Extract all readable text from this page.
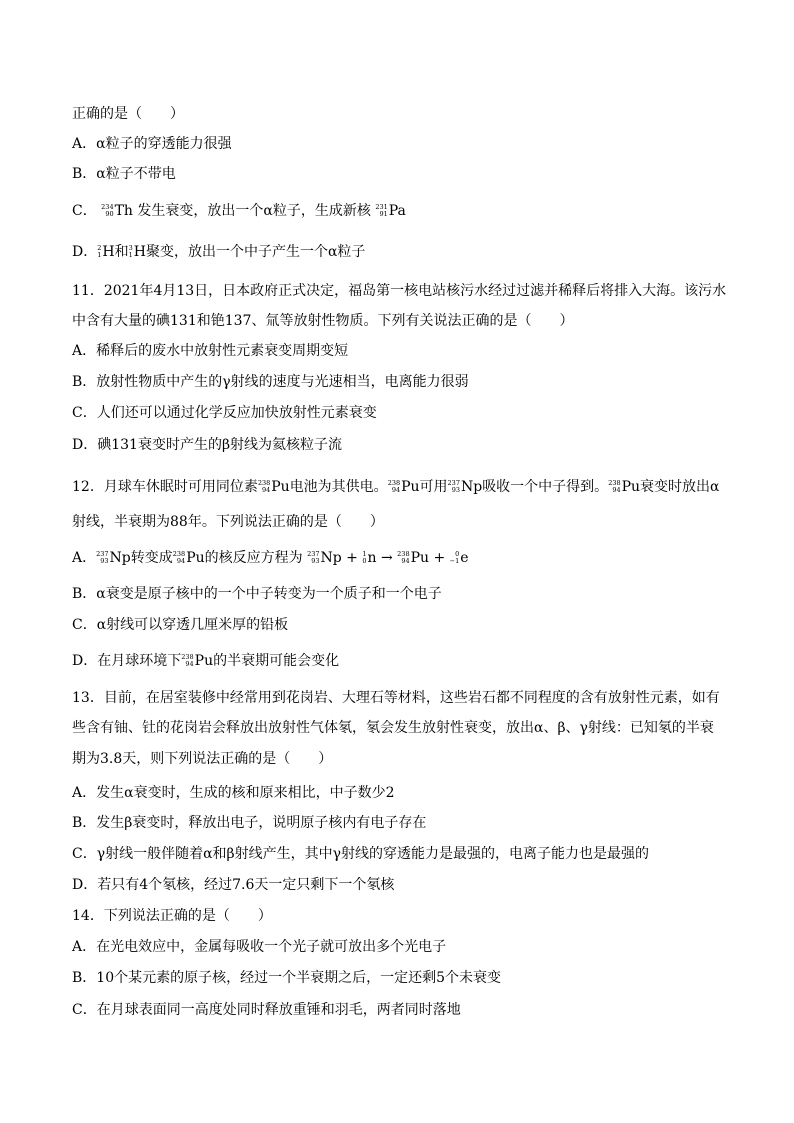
正确的是（　　）
A．α粒子的穿透能力很强
B．α粒子不带电
C． 234
90 Th 发生衰变，放出一个α粒子，生成新核 231
91 Pa
D． 2
1 H和 3
1 H聚变，放出一个中子产生一个α粒子
11．2021年4月13日，日本政府正式决定，福岛第一核电站核污水经过过滤并稀释后将排入大海。该污水
中含有大量的碘131和铯137、氚等放射性物质。下列有关说法正确的是（　　）
A．稀释后的废水中放射性元素衰变周期变短
B．放射性物质中产生的γ射线的速度与光速相当，电离能力很弱
C．人们还可以通过化学反应加快放射性元素衰变
D．碘131衰变时产生的β射线为氦核粒子流
12．月球车休眠时可用同位素 238
94 Pu电池为其供电。 238
94 Pu可用 237
93 Np吸收一个中子得到。 238
94 Pu衰变时放出α
射线，半衰期为88年。下列说法正确的是（　　）
A． 237
93 Np转变成 238
94 Pu的核反应方程为 237
93 Np + 1
0 n → 238
94 Pu +	0
−1 e
B．α衰变是原子核中的一个中子转变为一个质子和一个电子
C．α射线可以穿透几厘米厚的铅板
D．在月球环境下 238
94 Pu的半衰期可能会变化
13．目前，在居室装修中经常用到花岗岩、大理石等材料，这些岩石都不同程度的含有放射性元素，如有
些含有铀、钍的花岗岩会释放出放射性气体氡，氡会发生放射性衰变，放出α、β、γ射线：已知氡的半衰
期为3.8天，则下列说法正确的是（　　）
A．发生α衰变时，生成的核和原来相比，中子数少2
B．发生β衰变时，释放出电子，说明原子核内有电子存在
C．γ射线一般伴随着α和β射线产生，其中γ射线的穿透能力是最强的，电离子能力也是最强的
D．若只有4个氡核，经过7.6天一定只剩下一个氡核
14．下列说法正确的是（　　）
A．在光电效应中，金属每吸收一个光子就可放出多个光电子
B．10个某元素的原子核，经过一个半衰期之后，一定还剩5个未衰变
C．在月球表面同一高度处同时释放重锤和羽毛，两者同时落地
